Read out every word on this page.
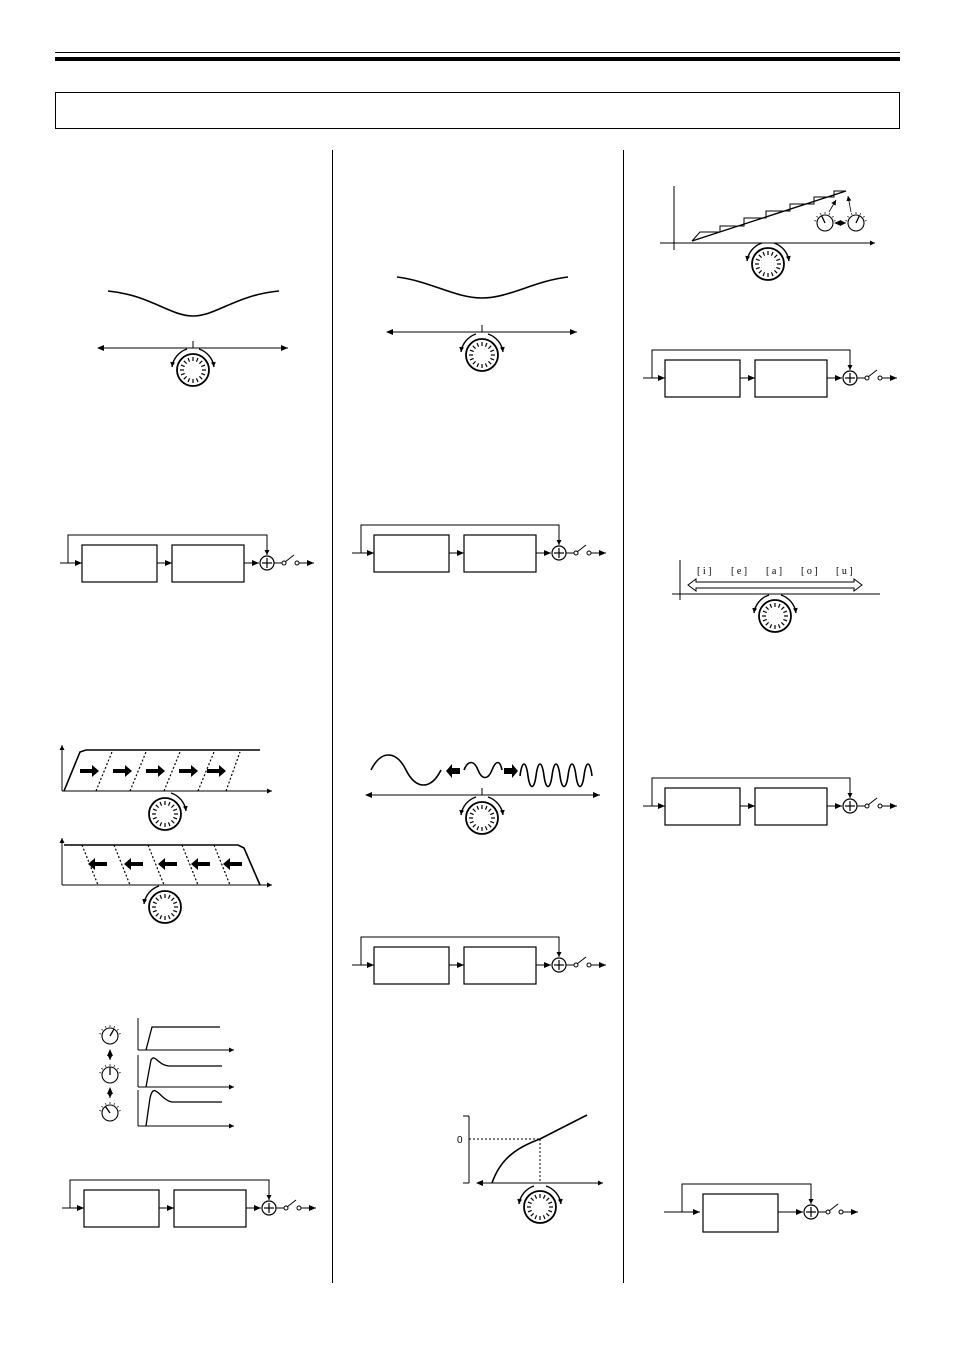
0
[ i ] [ e ] [ a ] [ o ] [ u ]
